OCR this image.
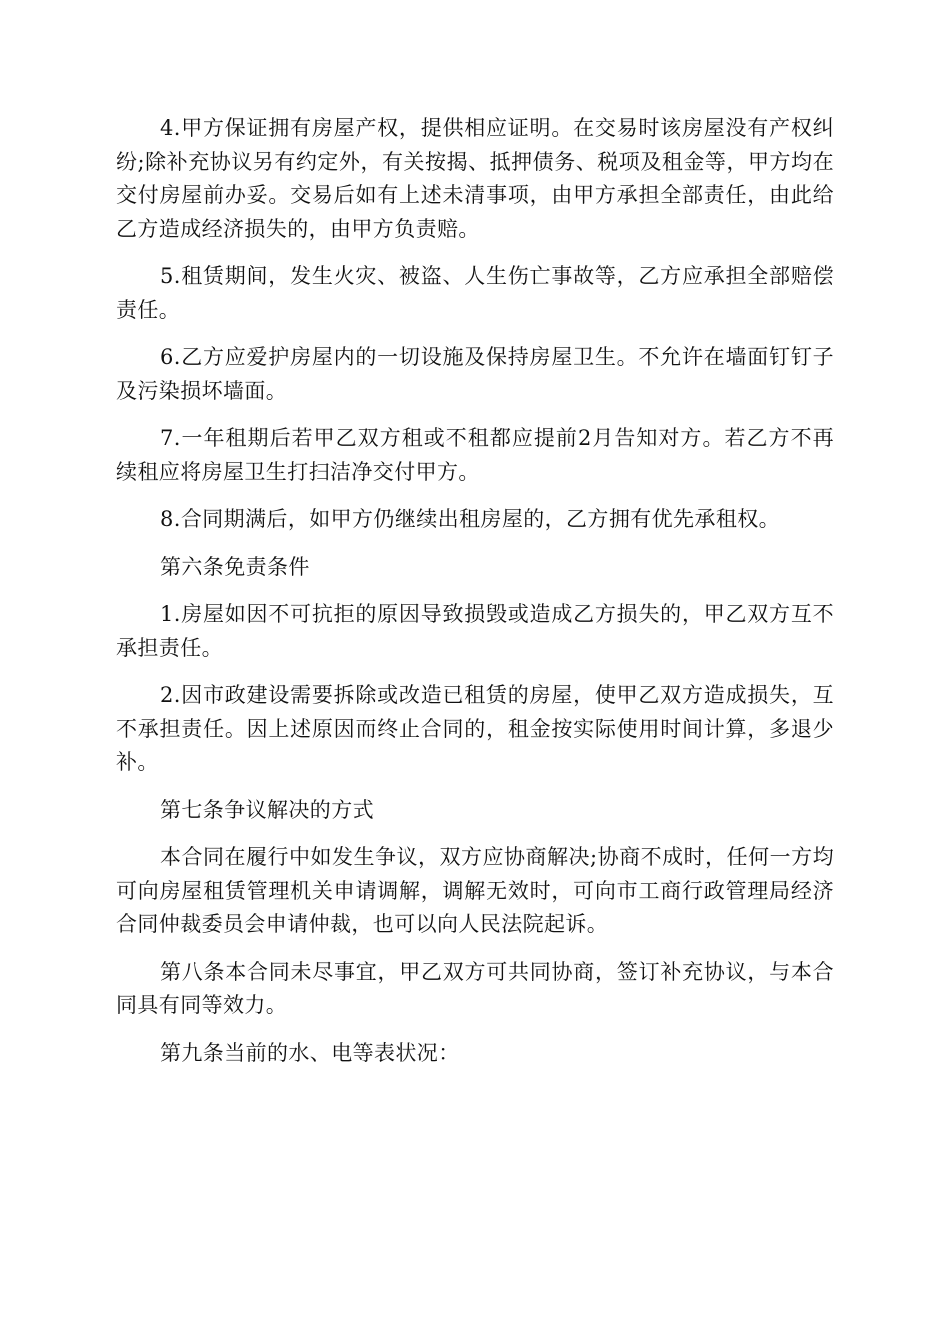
4.甲方保证拥有房屋产权，提供相应证明。在交易时该房屋没有产权纠纷;除补充协议另有约定外，有关按揭、抵押债务、税项及租金等，甲方均在交付房屋前办妥。交易后如有上述未清事项，由甲方承担全部责任，由此给乙方造成经济损失的，由甲方负责赔。

5.租赁期间，发生火灾、被盗、人生伤亡事故等，乙方应承担全部赔偿责任。

6.乙方应爱护房屋内的一切设施及保持房屋卫生。不允许在墙面钉钉子及污染损坏墙面。

7.一年租期后若甲乙双方租或不租都应提前2月告知对方。若乙方不再续租应将房屋卫生打扫洁净交付甲方。

8.合同期满后，如甲方仍继续出租房屋的，乙方拥有优先承租权。

第六条免责条件

1.房屋如因不可抗拒的原因导致损毁或造成乙方损失的，甲乙双方互不承担责任。

2.因市政建设需要拆除或改造已租赁的房屋，使甲乙双方造成损失，互不承担责任。因上述原因而终止合同的，租金按实际使用时间计算，多退少补。

第七条争议解决的方式

本合同在履行中如发生争议，双方应协商解决;协商不成时，任何一方均可向房屋租赁管理机关申请调解，调解无效时，可向市工商行政管理局经济合同仲裁委员会申请仲裁，也可以向人民法院起诉。

第八条本合同未尽事宜，甲乙双方可共同协商，签订补充协议，与本合同具有同等效力。

第九条当前的水、电等表状况：
